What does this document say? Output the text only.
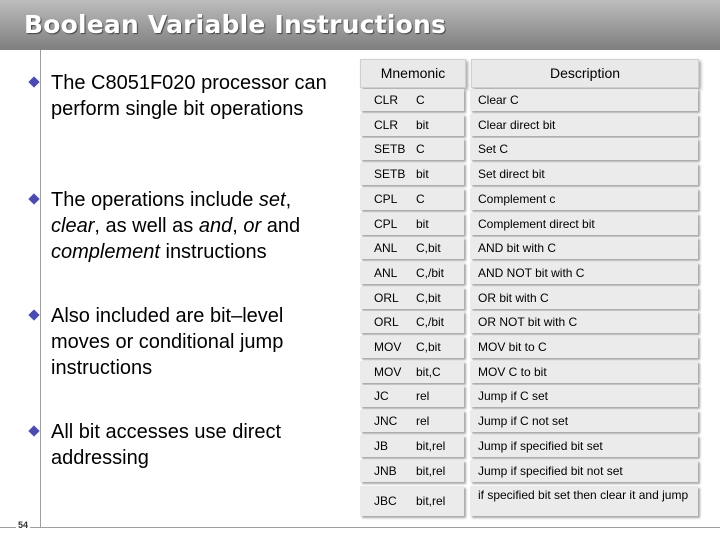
Boolean Variable Instructions
54
The C8051F020 processor can perform single bit operations
The operations include set, clear, as well as and, or and complement instructions
Also included are bit–level moves or conditional jump instructions
All bit accesses use direct addressing
Mnemonic	Description
CLR C	Clear C
CLR bit	Clear direct bit
SETB C	Set C
SETB bit	Set direct bit
CPL C	Complement c
CPL bit	Complement direct bit
ANL C,bit	AND bit with C
ANL C,/bit	AND NOT bit with C
ORL C,bit	OR bit with C
ORL C,/bit	OR NOT bit with C
MOV C,bit	MOV bit to C
MOV bit,C	MOV C to bit
JC rel	Jump if C set
JNC rel	Jump if C not set
JB bit,rel	Jump if specified bit set
JNB bit,rel	Jump if specified bit not set
JBC bit,rel	if specified bit set then clear it and jump
